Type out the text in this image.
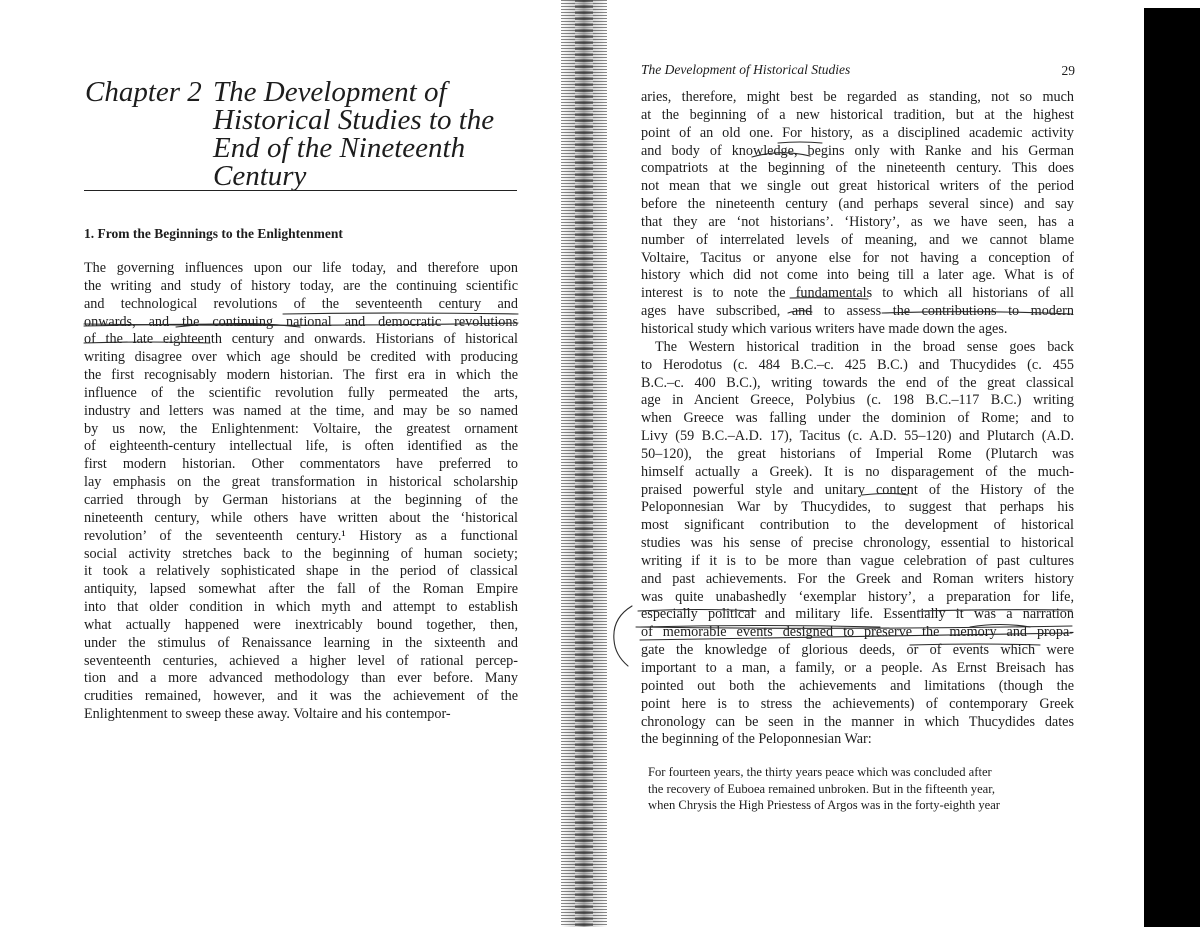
Chapter 2 The Development of
Historical Studies to the
End of the Nineteenth
Century
1. From the Beginnings to the Enlightenment
The governing influences upon our life today, and therefore upon
the writing and study of history today, are the continuing scientific
and technological revolutions of the seventeenth century and
onwards, and the continuing national and democratic revolutions
of the late eighteenth century and onwards. Historians of historical
writing disagree over which age should be credited with producing
the first recognisably modern historian. The first era in which the
influence of the scientific revolution fully permeated the arts,
industry and letters was named at the time, and may be so named
by us now, the Enlightenment: Voltaire, the greatest ornament
of eighteenth-century intellectual life, is often identified as the
first modern historian. Other commentators have preferred to
lay emphasis on the great transformation in historical scholarship
carried through by German historians at the beginning of the
nineteenth century, while others have written about the ‘historical
revolution’ of the seventeenth century.¹ History as a functional
social activity stretches back to the beginning of human society;
it took a relatively sophisticated shape in the period of classical
antiquity, lapsed somewhat after the fall of the Roman Empire
into that older condition in which myth and attempt to establish
what actually happened were inextricably bound together, then,
under the stimulus of Renaissance learning in the sixteenth and
seventeenth centuries, achieved a higher level of rational percep-
tion and a more advanced methodology than ever before. Many
crudities remained, however, and it was the achievement of the
Enlightenment to sweep these away. Voltaire and his contempor-
The Development of Historical Studies	29
aries, therefore, might best be regarded as standing, not so much
at the beginning of a new historical tradition, but at the highest
point of an old one. For history, as a disciplined academic activity
and body of knowledge, begins only with Ranke and his German
compatriots at the beginning of the nineteenth century. This does
not mean that we single out great historical writers of the period
before the nineteenth century (and perhaps several since) and say
that they are ‘not historians’. ‘History’, as we have seen, has a
number of interrelated levels of meaning, and we cannot blame
Voltaire, Tacitus or anyone else for not having a conception of
history which did not come into being till a later age. What is of
interest is to note the fundamentals to which all historians of all
ages have subscribed, and to assess the contributions to modern
historical study which various writers have made down the ages.
The Western historical tradition in the broad sense goes back
to Herodotus (c. 484 B.C.–c. 425 B.C.) and Thucydides (c. 455
B.C.–c. 400 B.C.), writing towards the end of the great classical
age in Ancient Greece, Polybius (c. 198 B.C.–117 B.C.) writing
when Greece was falling under the dominion of Rome; and to
Livy (59 B.C.–A.D. 17), Tacitus (c. A.D. 55–120) and Plutarch (A.D.
50–120), the great historians of Imperial Rome (Plutarch was
himself actually a Greek). It is no disparagement of the much-
praised powerful style and unitary content of the History of the
Peloponnesian War by Thucydides, to suggest that perhaps his
most significant contribution to the development of historical
studies was his sense of precise chronology, essential to historical
writing if it is to be more than vague celebration of past cultures
and past achievements. For the Greek and Roman writers history
was quite unabashedly ‘exemplar history’, a preparation for life,
especially political and military life. Essentially it was a narration
of memorable events designed to preserve the memory and propa-
gate the knowledge of glorious deeds, or of events which were
important to a man, a family, or a people. As Ernst Breisach has
pointed out both the achievements and limitations (though the
point here is to stress the achievements) of contemporary Greek
chronology can be seen in the manner in which Thucydides dates
the beginning of the Peloponnesian War:
For fourteen years, the thirty years peace which was concluded after
the recovery of Euboea remained unbroken. But in the fifteenth year,
when Chrysis the High Priestess of Argos was in the forty-eighth year
